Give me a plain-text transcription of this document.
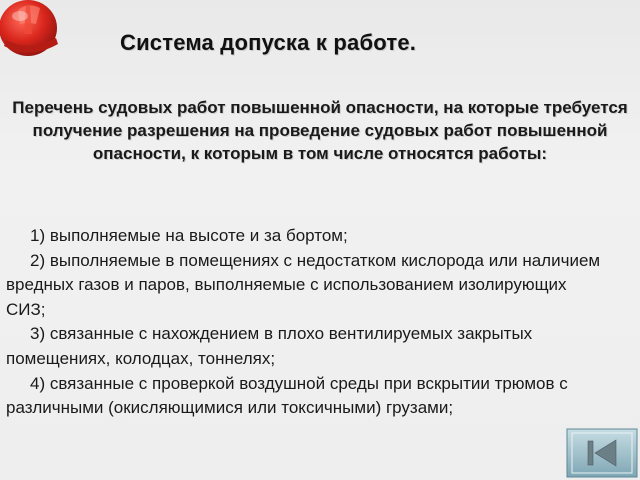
Система допуска к работе.
Перечень судовых работ повышенной опасности, на которые требуется получение разрешения на проведение судовых работ повышенной опасности, к которым в том числе относятся работы:

1) выполняемые на высоте и за бортом;

2) выполняемые в помещениях с недостатком кислорода или наличием вредных газов и паров, выполняемые с использованием изолирующих СИЗ;

3) связанные с нахождением в плохо вентилируемых закрытых помещениях, колодцах, тоннелях;

4) связанные с проверкой воздушной среды при вскрытии трюмов с различными (окисляющимися или токсичными) грузами;
